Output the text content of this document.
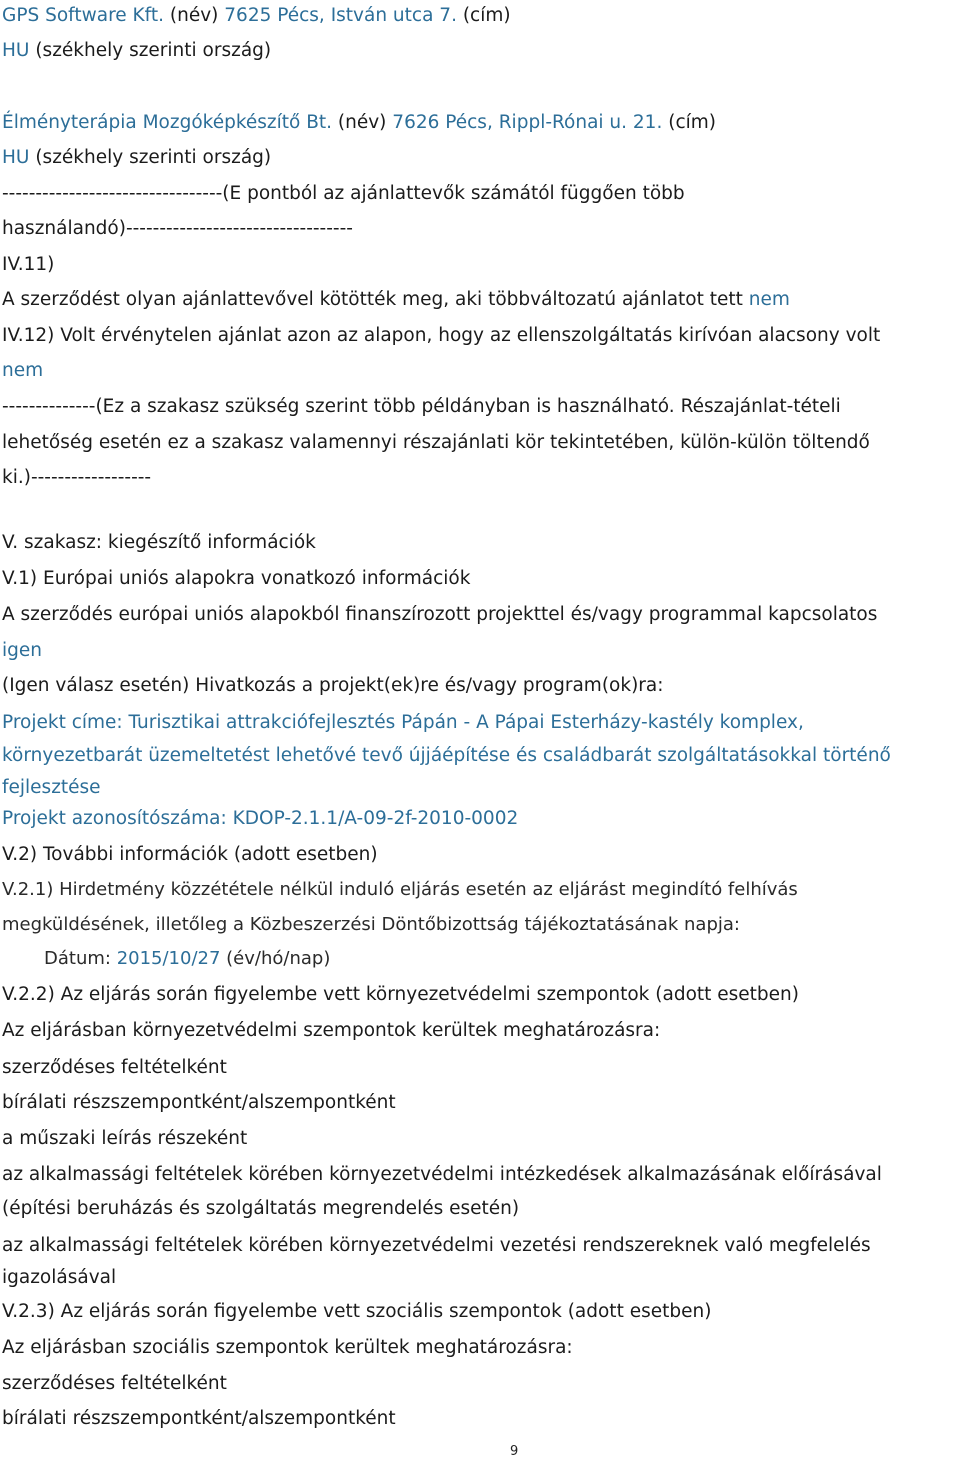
GPS Software Kft. (név) 7625 Pécs, István utca 7. (cím)
HU (székhely szerinti ország)
Élményterápia Mozgóképkészítő Bt. (név) 7626 Pécs, Rippl-Rónai u. 21. (cím)
HU (székhely szerinti ország)
---------------------------------(E pontból az ajánlattevők számától függően több
használandó)----------------------------------
IV.11)
A szerződést olyan ajánlattevővel kötötték meg, aki többváltozatú ajánlatot tett nem
IV.12) Volt érvénytelen ajánlat azon az alapon, hogy az ellenszolgáltatás kirívóan alacsony volt
nem
--------------(Ez a szakasz szükség szerint több példányban is használható. Részajánlat-tételi
lehetőség esetén ez a szakasz valamennyi részajánlati kör tekintetében, külön-külön töltendő
ki.)------------------
V. szakasz: kiegészítő információk
V.1) Európai uniós alapokra vonatkozó információk
A szerződés európai uniós alapokból finanszírozott projekttel és/vagy programmal kapcsolatos
igen
(Igen válasz esetén) Hivatkozás a projekt(ek)re és/vagy program(ok)ra:
Projekt címe: Turisztikai attrakciófejlesztés Pápán - A Pápai Esterházy-kastély komplex,
környezetbarát üzemeltetést lehetővé tevő újjáépítése és családbarát szolgáltatásokkal történő
fejlesztése
Projekt azonosítószáma: KDOP-2.1.1/A-09-2f-2010-0002
V.2) További információk (adott esetben)
V.2.1) Hirdetmény közzététele nélkül induló eljárás esetén az eljárást megindító felhívás
megküldésének, illetőleg a Közbeszerzési Döntőbizottság tájékoztatásának napja:
Dátum: 2015/10/27 (év/hó/nap)
V.2.2) Az eljárás során figyelembe vett környezetvédelmi szempontok (adott esetben)
Az eljárásban környezetvédelmi szempontok kerültek meghatározásra:
szerződéses feltételként
bírálati részszempontként/alszempontként
a műszaki leírás részeként
az alkalmassági feltételek körében környezetvédelmi intézkedések alkalmazásának előírásával
(építési beruházás és szolgáltatás megrendelés esetén)
az alkalmassági feltételek körében környezetvédelmi vezetési rendszereknek való megfelelés
igazolásával
V.2.3) Az eljárás során figyelembe vett szociális szempontok (adott esetben)
Az eljárásban szociális szempontok kerültek meghatározásra:
szerződéses feltételként
bírálati részszempontként/alszempontként
9
